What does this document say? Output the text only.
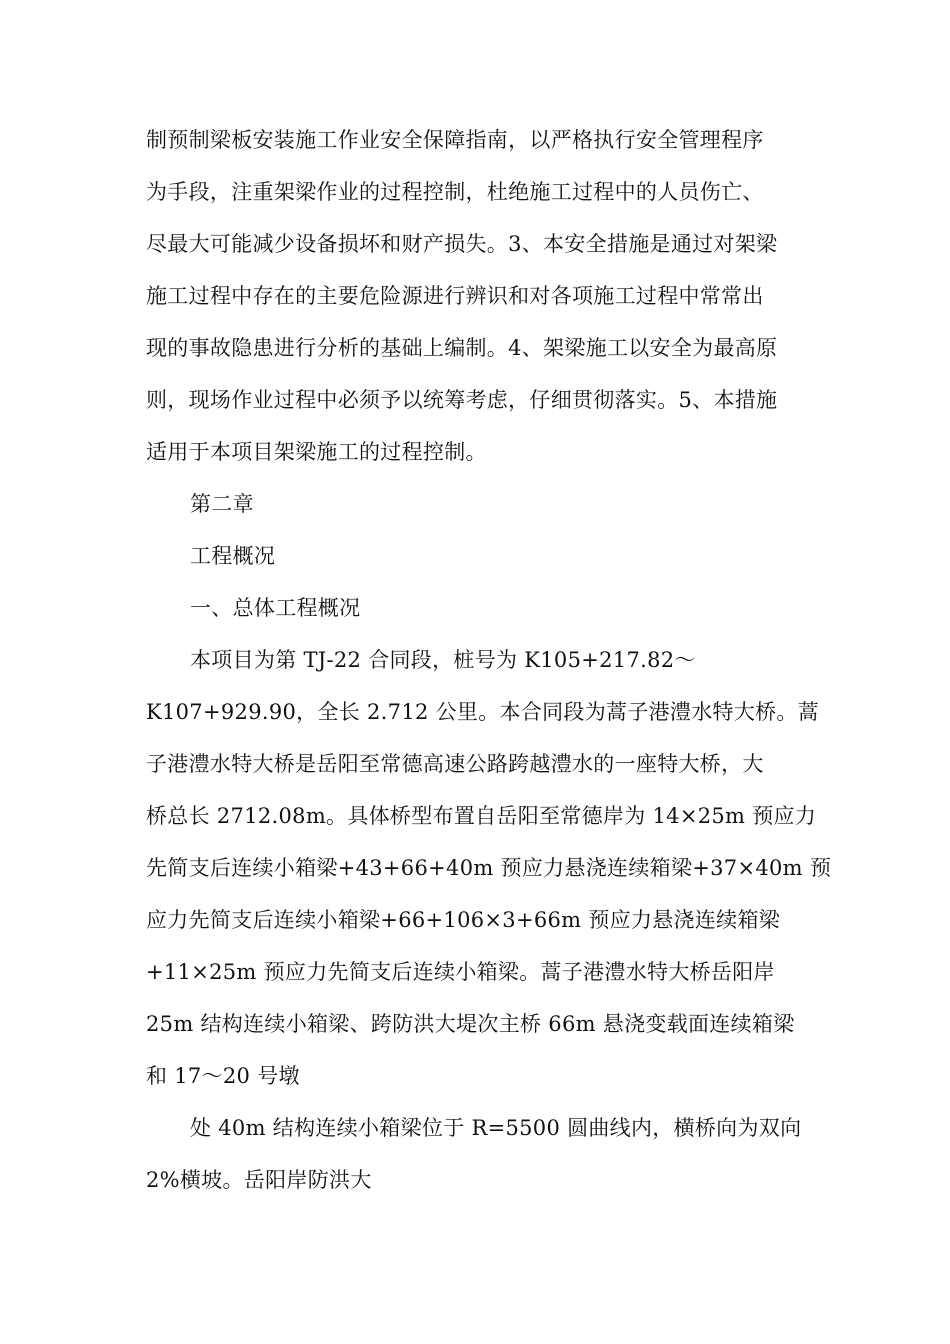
制预制梁板安装施工作业安全保障指南，以严格执行安全管理程序
为手段，注重架梁作业的过程控制，杜绝施工过程中的人员伤亡、
尽最大可能减少设备损坏和财产损失。3、本安全措施是通过对架梁
施工过程中存在的主要危险源进行辨识和对各项施工过程中常常出
现的事故隐患进行分析的基础上编制。4、架梁施工以安全为最高原
则，现场作业过程中必须予以统筹考虑，仔细贯彻落实。5、本措施
适用于本项目架梁施工的过程控制。
第二章
工程概况
一、总体工程概况
本项目为第 TJ-22 合同段，桩号为 K105+217.82～
K107+929.90，全长 2.712 公里。本合同段为蒿子港澧水特大桥。蒿
子港澧水特大桥是岳阳至常德高速公路跨越澧水的一座特大桥，大
桥总长 2712.08m。具体桥型布置自岳阳至常德岸为 14×25m 预应力
先简支后连续小箱梁+43+66+40m 预应力悬浇连续箱梁+37×40m 预
应力先简支后连续小箱梁+66+106×3+66m 预应力悬浇连续箱梁
+11×25m 预应力先简支后连续小箱梁。蒿子港澧水特大桥岳阳岸
25m 结构连续小箱梁、跨防洪大堤次主桥 66m 悬浇变载面连续箱梁
和 17～20 号墩
处 40m 结构连续小箱梁位于 R=5500 圆曲线内，横桥向为双向
2%横坡。岳阳岸防洪大
